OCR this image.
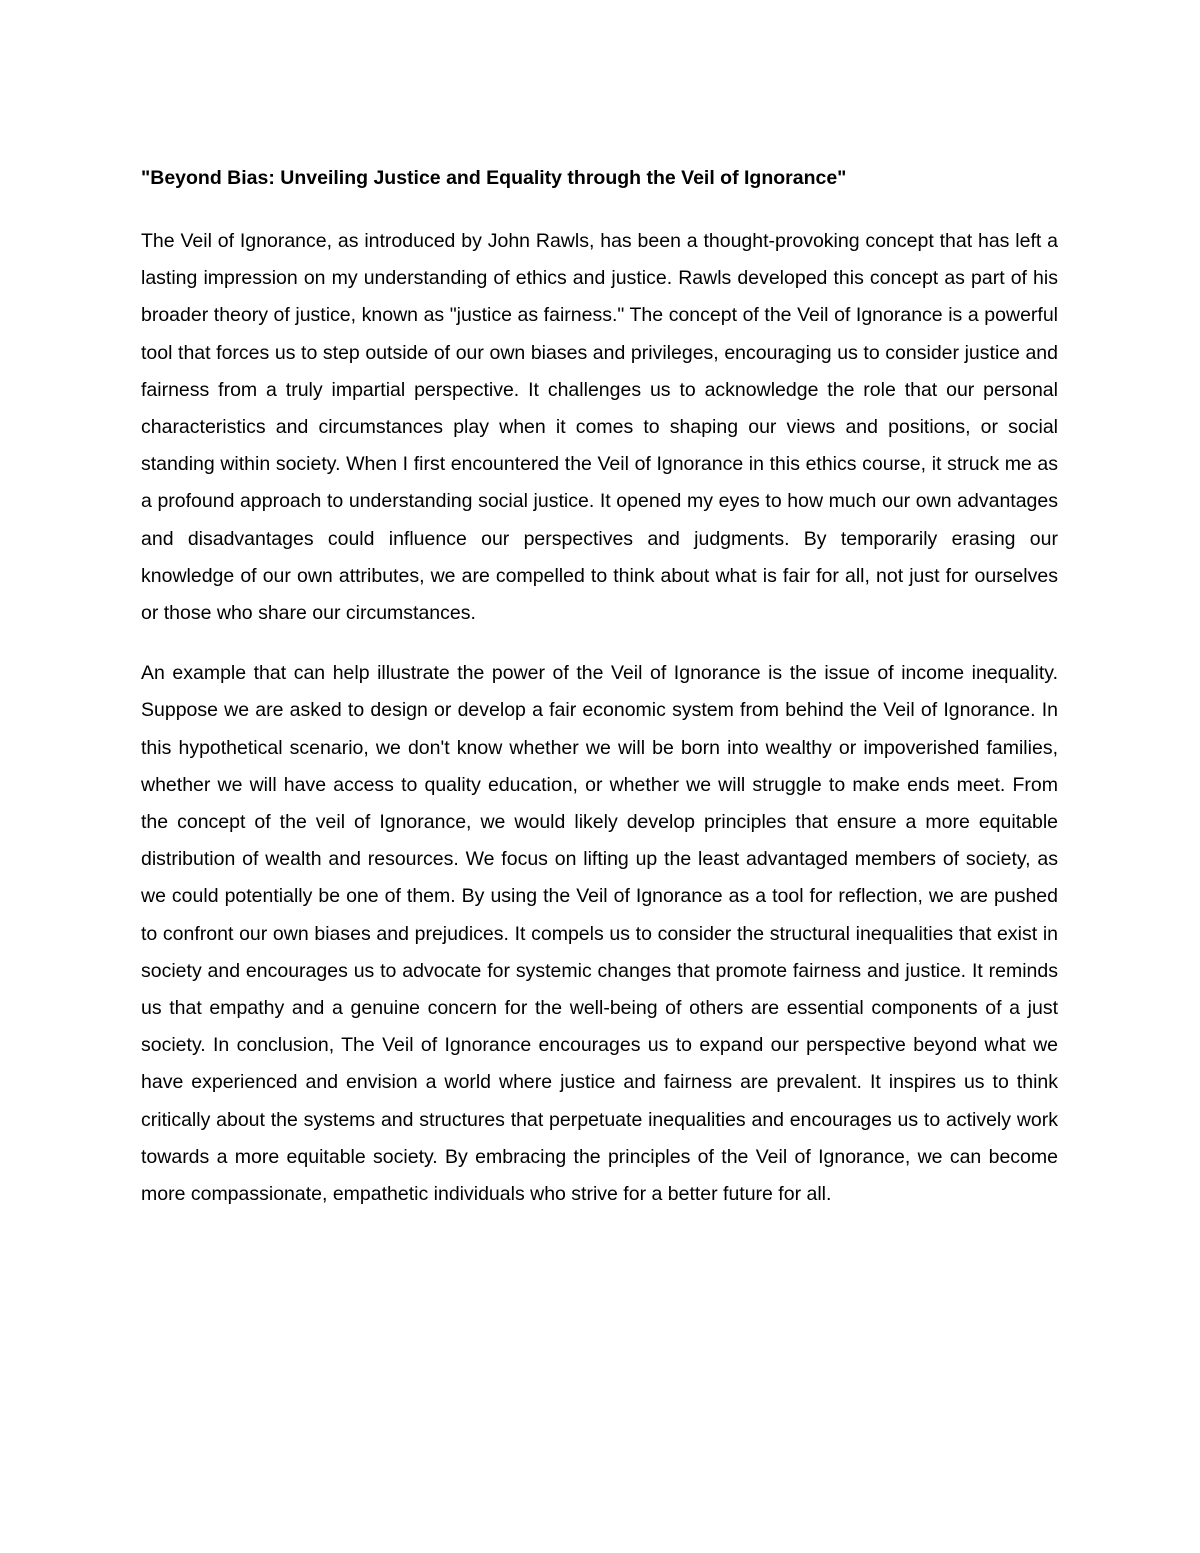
"Beyond Bias: Unveiling Justice and Equality through the Veil of Ignorance"

The Veil of Ignorance, as introduced by John Rawls, has been a thought-provoking concept that has left a lasting impression on my understanding of ethics and justice. Rawls developed this concept as part of his broader theory of justice, known as "justice as fairness." The concept of the Veil of Ignorance is a powerful tool that forces us to step outside of our own biases and privileges, encouraging us to consider justice and fairness from a truly impartial perspective. It challenges us to acknowledge the role that our personal characteristics and circumstances play when it comes to shaping our views and positions, or social standing within society. When I first encountered the Veil of Ignorance in this ethics course, it struck me as a profound approach to understanding social justice. It opened my eyes to how much our own advantages and disadvantages could influence our perspectives and judgments. By temporarily erasing our knowledge of our own attributes, we are compelled to think about what is fair for all, not just for ourselves or those who share our circumstances.

An example that can help illustrate the power of the Veil of Ignorance is the issue of income inequality. Suppose we are asked to design or develop a fair economic system from behind the Veil of Ignorance. In this hypothetical scenario, we don't know whether we will be born into wealthy or impoverished families, whether we will have access to quality education, or whether we will struggle to make ends meet. From the concept of the veil of Ignorance, we would likely develop principles that ensure a more equitable distribution of wealth and resources. We focus on lifting up the least advantaged members of society, as we could potentially be one of them. By using the Veil of Ignorance as a tool for reflection, we are pushed to confront our own biases and prejudices. It compels us to consider the structural inequalities that exist in society and encourages us to advocate for systemic changes that promote fairness and justice. It reminds us that empathy and a genuine concern for the well-being of others are essential components of a just society. In conclusion, The Veil of Ignorance encourages us to expand our perspective beyond what we have experienced and envision a world where justice and fairness are prevalent. It inspires us to think critically about the systems and structures that perpetuate inequalities and encourages us to actively work towards a more equitable society. By embracing the principles of the Veil of Ignorance, we can become more compassionate, empathetic individuals who strive for a better future for all.
